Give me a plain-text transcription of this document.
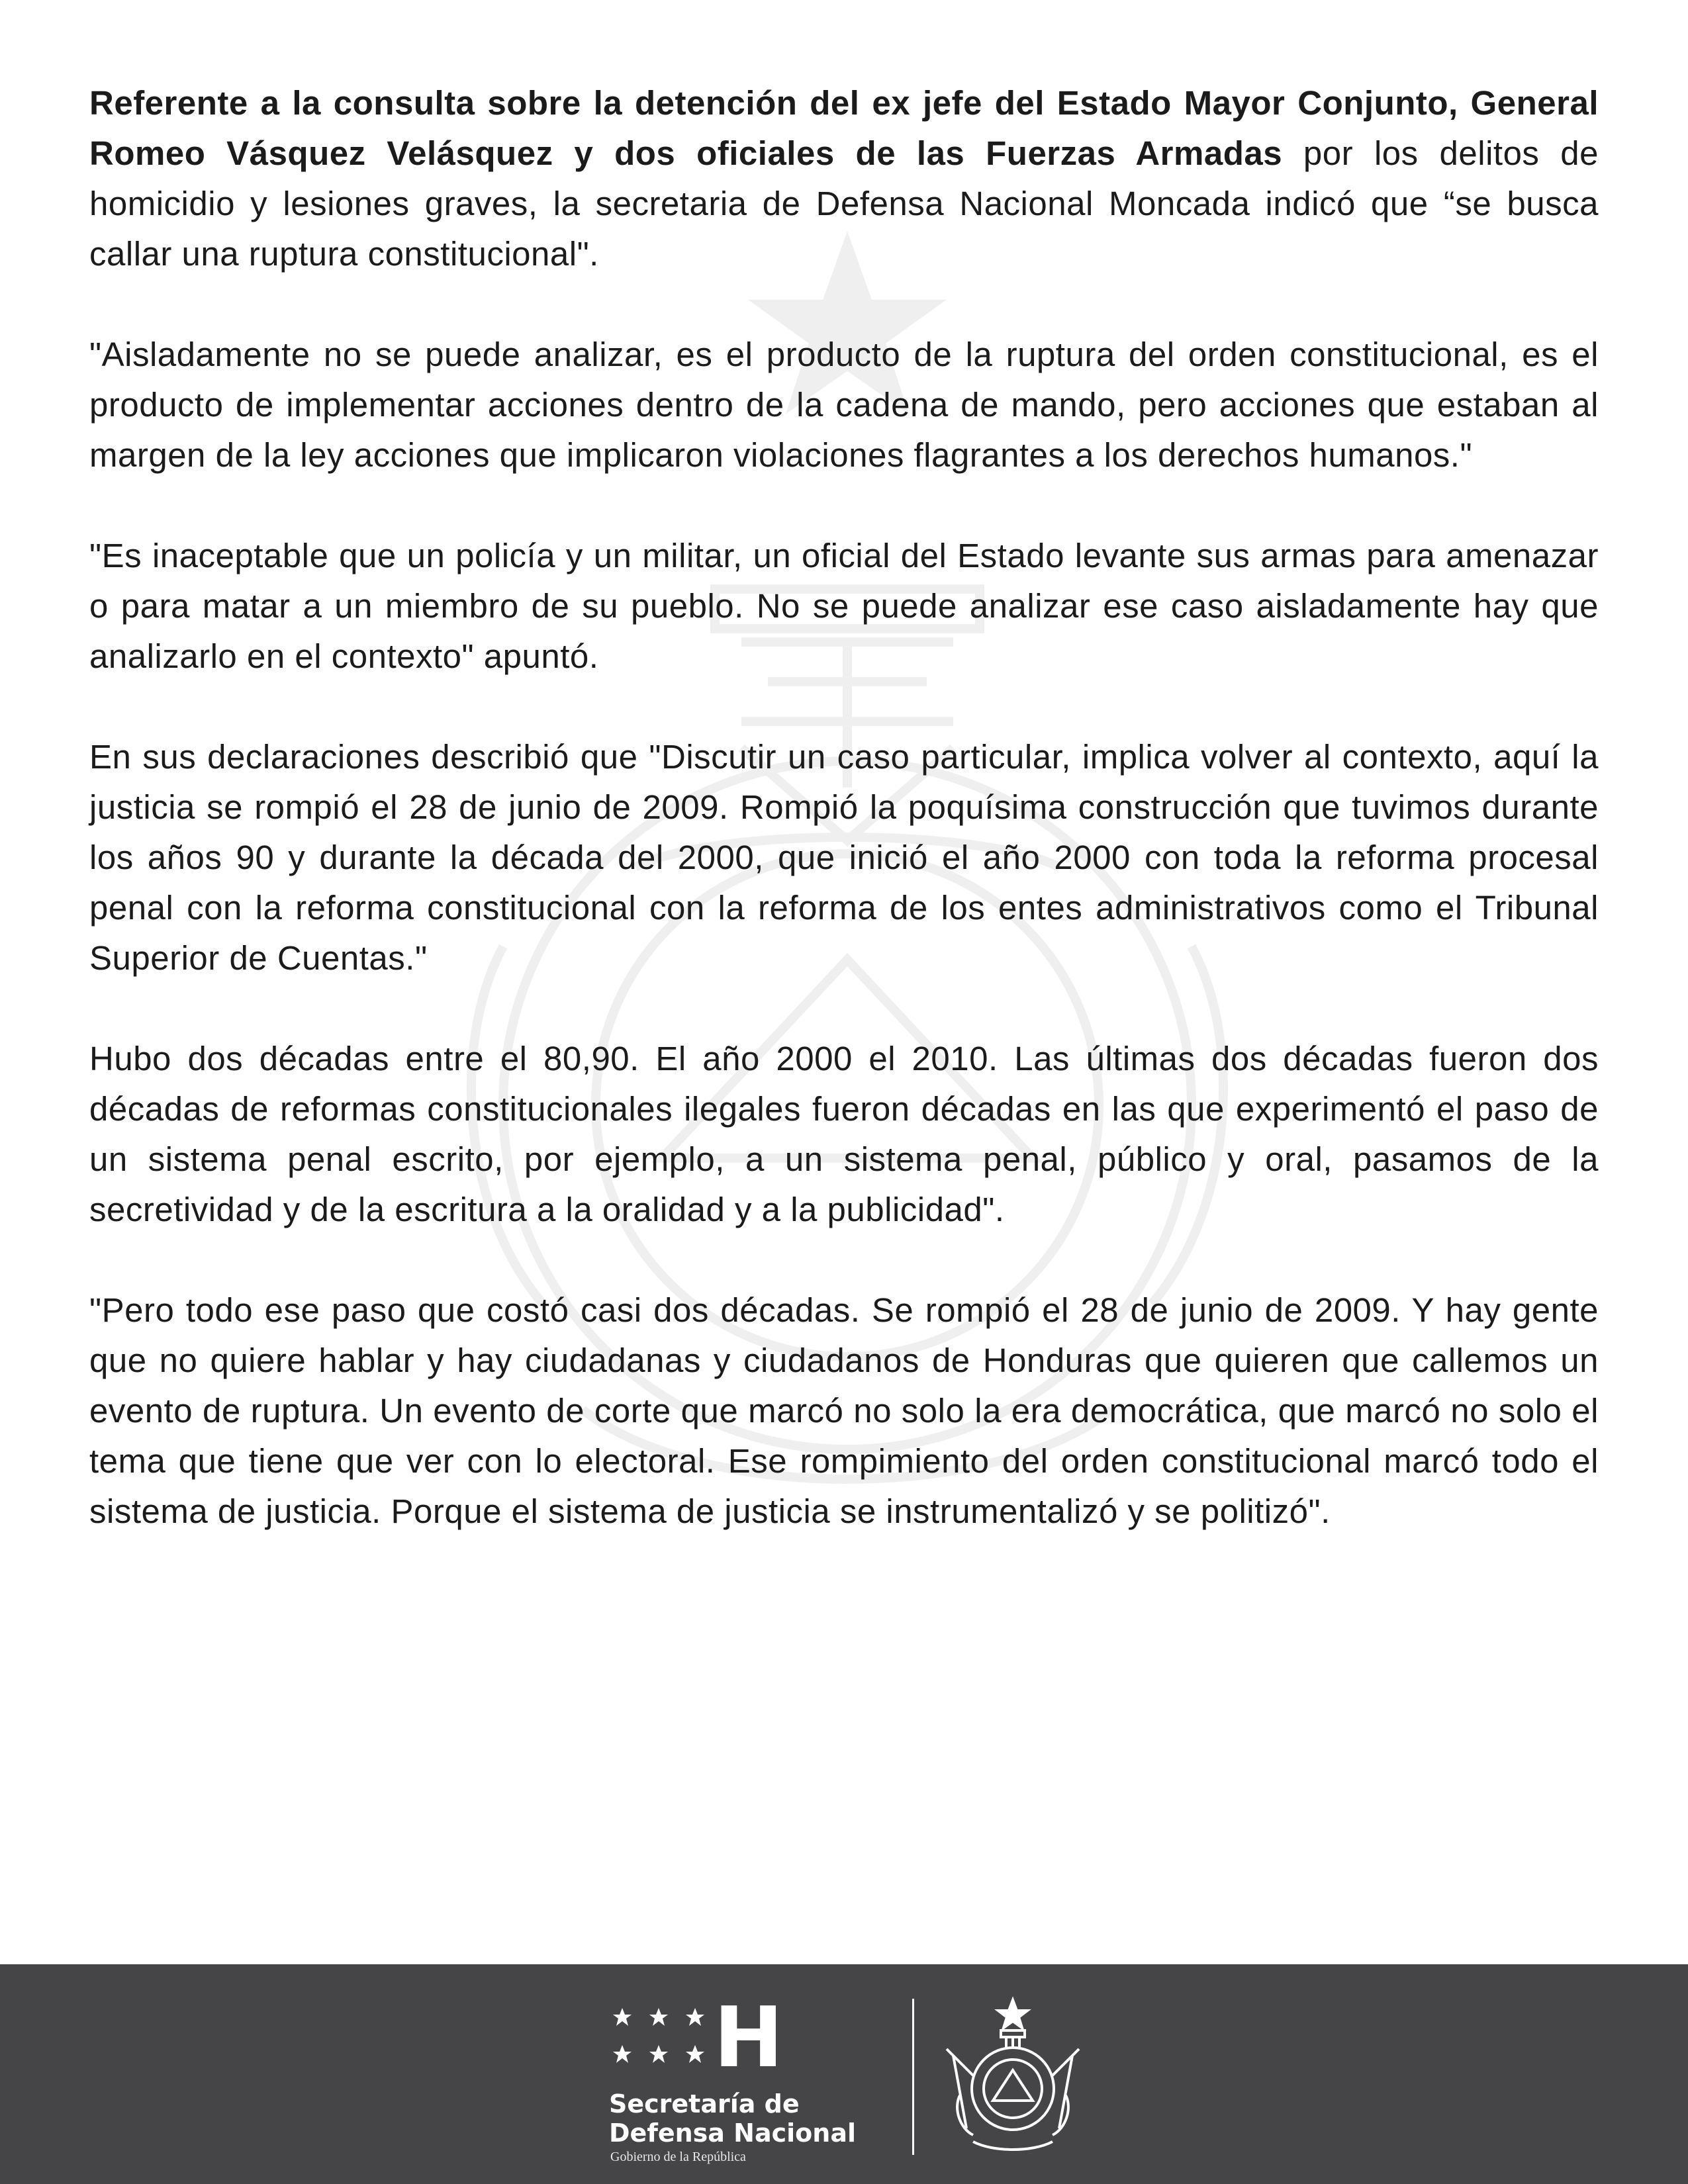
Referente a la consulta sobre la detención del ex jefe del Estado Mayor Conjunto, General Romeo Vásquez Velásquez y dos oficiales de las Fuerzas Armadas por los delitos de homicidio y lesiones graves, la secretaria de Defensa Nacional Moncada indicó que “se busca callar una ruptura constitucional".

"Aisladamente no se puede analizar, es el producto de la ruptura del orden constitucional, es el producto de implementar acciones dentro de la cadena de mando, pero acciones que estaban al margen de la ley acciones que implicaron violaciones flagrantes a los derechos humanos."

"Es inaceptable que un policía y un militar, un oficial del Estado levante sus armas para amenazar o para matar a un miembro de su pueblo. No se puede analizar ese caso aisladamente hay que analizarlo en el contexto" apuntó.

En sus declaraciones describió que "Discutir un caso particular, implica volver al contexto, aquí la justicia se rompió el 28 de junio de 2009. Rompió la poquísima construcción que tuvimos durante los años 90 y durante la década del 2000, que inició el año 2000 con toda la reforma procesal penal con la reforma constitucional con la reforma de los entes administrativos como el Tribunal Superior de Cuentas."

Hubo dos décadas entre el 80,90. El año 2000 el 2010. Las últimas dos décadas fueron dos décadas de reformas constitucionales ilegales fueron décadas en las que experimentó el paso de un sistema penal escrito, por ejemplo, a un sistema penal, público y oral, pasamos de la secretividad y de la escritura a la oralidad y a la publicidad".

"Pero todo ese paso que costó casi dos décadas. Se rompió el 28 de junio de 2009. Y hay gente que no quiere hablar y hay ciudadanas y ciudadanos de Honduras que quieren que callemos un evento de ruptura. Un evento de corte que marcó no solo la era democrática, que marcó no solo el tema que tiene que ver con lo electoral. Ese rompimiento del orden constitucional marcó todo el sistema de justicia. Porque el sistema de justicia se instrumentalizó y se politizó".

H
Secretaría de
Defensa Nacional
Gobierno de la República
